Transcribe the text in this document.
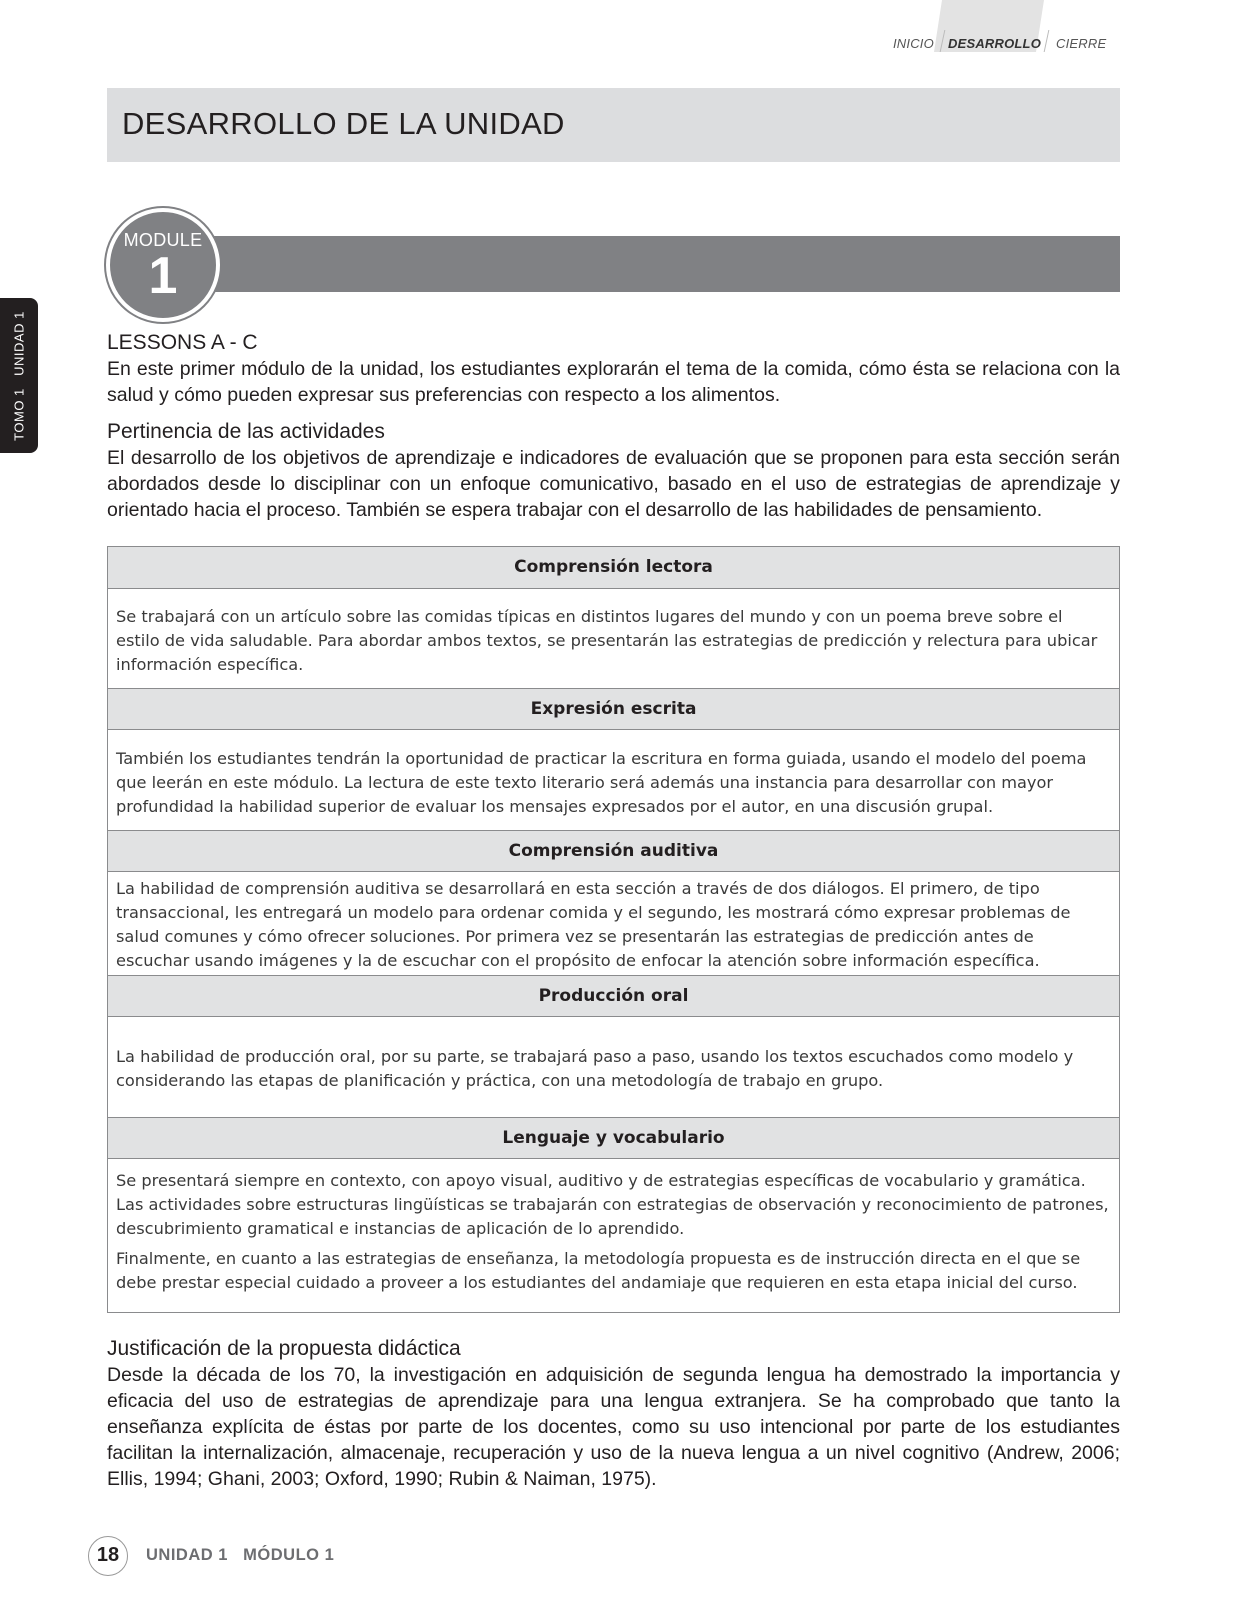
INICIO DESARROLLO CIERRE
DESARROLLO DE LA UNIDAD
TOMO 1   UNIDAD 1
MODULE
1
LESSONS A - C

En este primer módulo de la unidad, los estudiantes explorarán el tema de la comida, cómo ésta se relaciona con la salud y cómo pueden expresar sus preferencias con respecto a los alimentos.

Pertinencia de las actividades

El desarrollo de los objetivos de aprendizaje e indicadores de evaluación que se proponen para esta sección serán abordados desde lo disciplinar con un enfoque comunicativo, basado en el uso de estrategias de aprendizaje y orientado hacia el proceso. También se espera trabajar con el desarrollo de las habilidades de pensamiento.

Comprensión lectora

Se trabajará con un artículo sobre las comidas típicas en distintos lugares del mundo y con un poema breve sobre el estilo de vida saludable. Para abordar ambos textos, se presentarán las estrategias de predicción y relectura para ubicar información específica.

Expresión escrita

También los estudiantes tendrán la oportunidad de practicar la escritura en forma guiada, usando el modelo del poema que leerán en este módulo. La lectura de este texto literario será además una instancia para desarrollar con mayor profundidad la habilidad superior de evaluar los mensajes expresados por el autor, en una discusión grupal.

Comprensión auditiva

La habilidad de comprensión auditiva se desarrollará en esta sección a través de dos diálogos. El primero, de tipo transaccional, les entregará un modelo para ordenar comida y el segundo, les mostrará cómo expresar problemas de salud comunes y cómo ofrecer soluciones. Por primera vez se presentarán las estrategias de predicción antes de escuchar usando imágenes y la de escuchar con el propósito de enfocar la atención sobre información específica.

Producción oral

La habilidad de producción oral, por su parte, se trabajará paso a paso, usando los textos escuchados como modelo y considerando las etapas de planificación y práctica, con una metodología de trabajo en grupo.

Lenguaje y vocabulario

Se presentará siempre en contexto, con apoyo visual, auditivo y de estrategias específicas de vocabulario y gramática. Las actividades sobre estructuras lingüísticas se trabajarán con estrategias de observación y reconocimiento de patrones, descubrimiento gramatical e instancias de aplicación de lo aprendido.

Finalmente, en cuanto a las estrategias de enseñanza, la metodología propuesta es de instrucción directa en el que se debe prestar especial cuidado a proveer a los estudiantes del andamiaje que requieren en esta etapa inicial del curso.

Justificación de la propuesta didáctica

Desde la década de los 70, la investigación en adquisición de segunda lengua ha demostrado la importancia y eficacia del uso de estrategias de aprendizaje para una lengua extranjera. Se ha comprobado que tanto la enseñanza explícita de éstas por parte de los docentes, como su uso intencional por parte de los estudiantes facilitan la internalización, almacenaje, recuperación y uso de la nueva lengua a un nivel cognitivo (Andrew, 2006; Ellis, 1994; Ghani, 2003; Oxford, 1990; Rubin & Naiman, 1975).

18	UNIDAD 1   MÓDULO 1
